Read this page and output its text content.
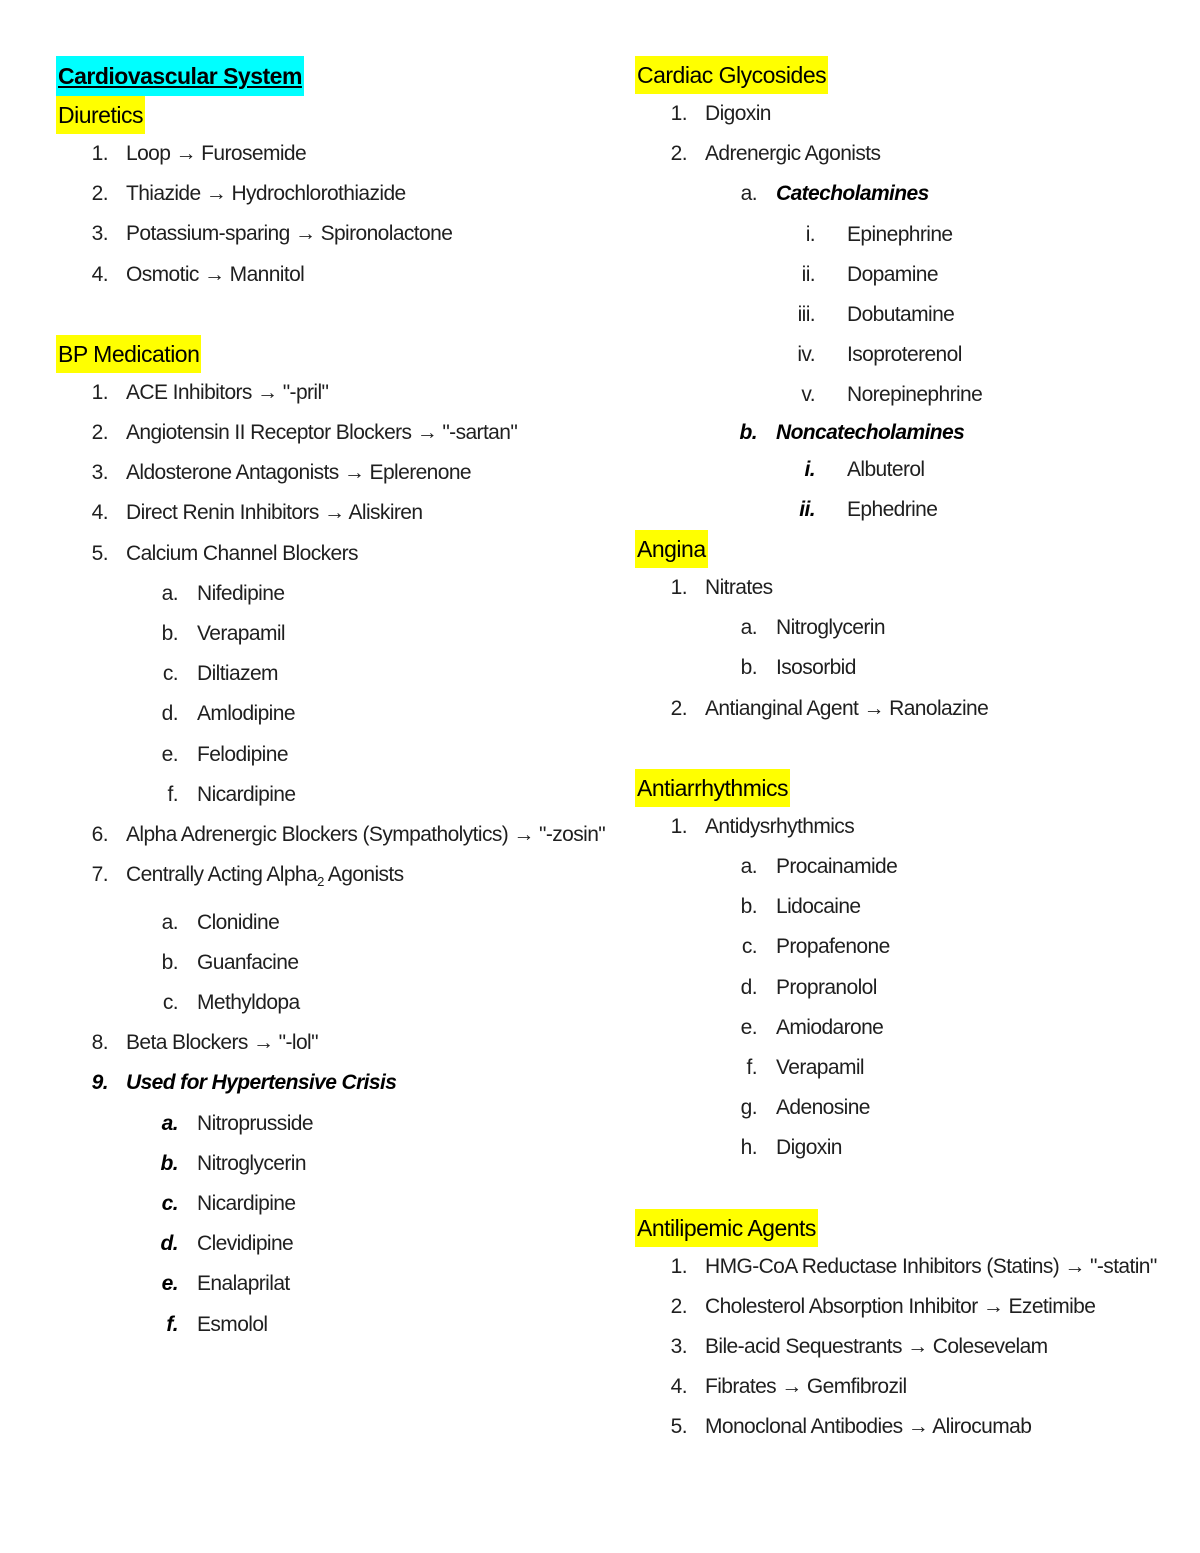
Cardiovascular System
Diuretics
1. Loop → Furosemide
2. Thiazide → Hydrochlorothiazide
3. Potassium-sparing → Spironolactone
4. Osmotic → Mannitol
BP Medication
1. ACE Inhibitors → "-pril"
2. Angiotensin II Receptor Blockers → "-sartan"
3. Aldosterone Antagonists → Eplerenone
4. Direct Renin Inhibitors → Aliskiren
5. Calcium Channel Blockers
a. Nifedipine
b. Verapamil
c. Diltiazem
d. Amlodipine
e. Felodipine
f. Nicardipine
6. Alpha Adrenergic Blockers (Sympatholytics) → "-zosin"
7. Centrally Acting Alpha$_2$ Agonists
a. Clonidine
b. Guanfacine
c. Methyldopa
8. Beta Blockers → "-lol"
9. Used for Hypertensive Crisis
a. Nitroprusside
b. Nitroglycerin
c. Nicardipine
d. Clevidipine
e. Enalaprilat
f. Esmolol
Cardiac Glycosides
1. Digoxin
2. Adrenergic Agonists
a. Catecholamines
i. Epinephrine
ii. Dopamine
iii. Dobutamine
iv. Isoproterenol
v. Norepinephrine
b. Noncatecholamines
i. Albuterol
ii. Ephedrine
Angina
1. Nitrates
a. Nitroglycerin
b. Isosorbid
2. Antianginal Agent → Ranolazine
Antiarrhythmics
1. Antidysrhythmics
a. Procainamide
b. Lidocaine
c. Propafenone
d. Propranolol
e. Amiodarone
f. Verapamil
g. Adenosine
h. Digoxin
Antilipemic Agents
1. HMG-CoA Reductase Inhibitors (Statins) → "-statin"
2. Cholesterol Absorption Inhibitor → Ezetimibe
3. Bile-acid Sequestrants → Colesevelam
4. Fibrates → Gemfibrozil
5. Monoclonal Antibodies → Alirocumab
